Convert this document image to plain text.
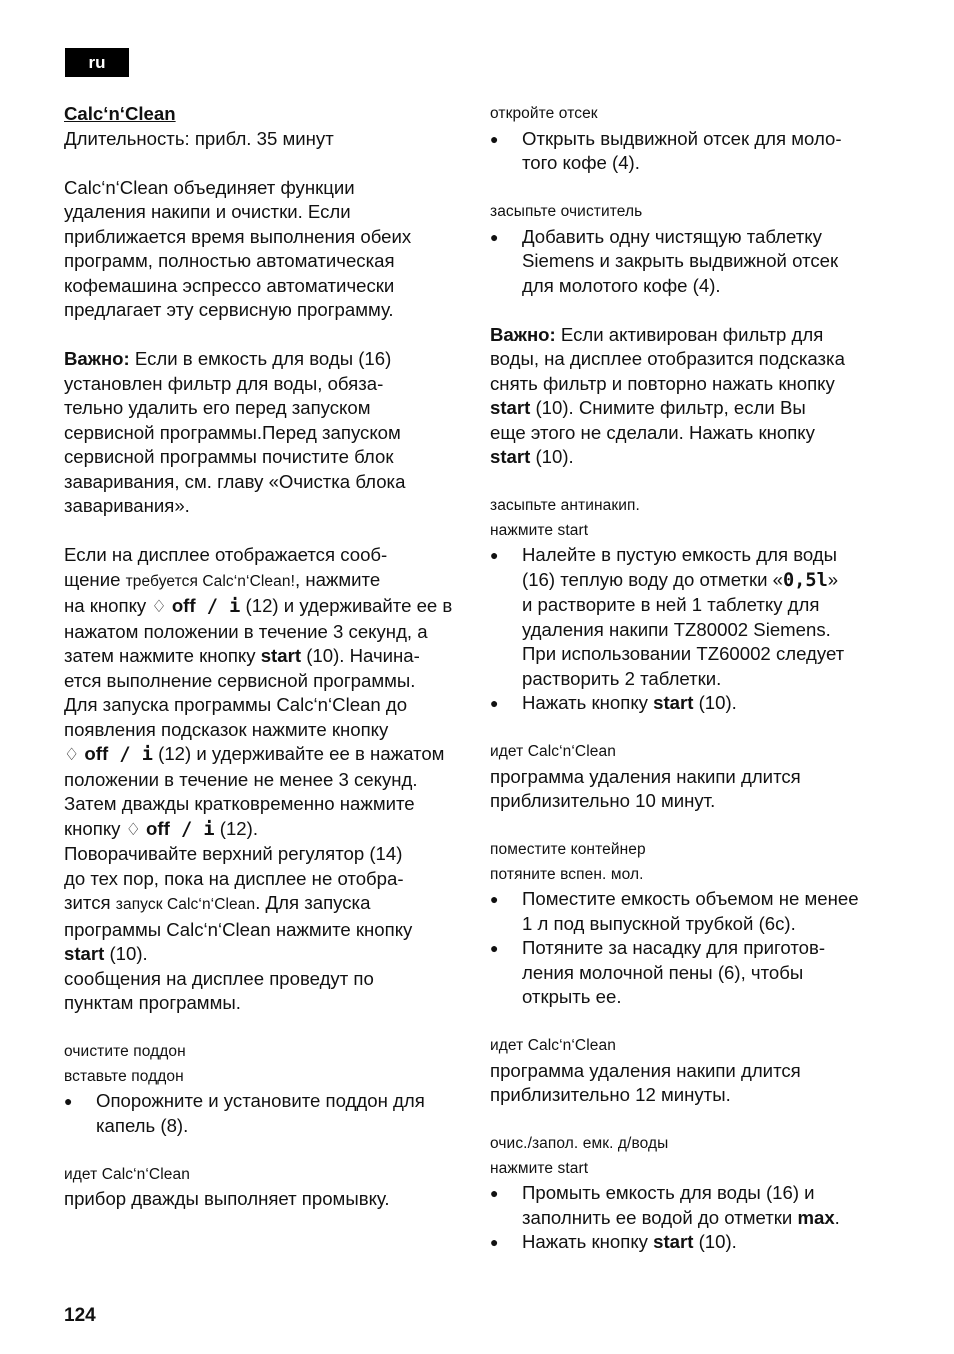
ru

Calc‘n‘Clean

Длительность: прибл. 35 минут

Calc‘n‘Clean объединяет функции

удаления накипи и очистки. Если

приближается время выполнения обеих

программ, полностью автоматическая

кофемашина эспрессо автоматически

предлагает эту сервисную программу.

Важно: Если в емкость для воды (16)

установлен фильтр для воды, обяза-

тельно удалить его перед запуском

сервисной программы.Перед запуском

сервисной программы почистите блок

заваривания, см. главу «Очистка блока

заваривания».

Если на дисплее отображается сооб-

щение требуется Calc‘n‘Clean!, нажмите

на кнопку ♢ off / i (12) и удерживайте ее в

нажатом положении в течение 3 секунд, а

затем нажмите кнопку start (10). Начина-

ется выполнение сервисной программы.

Для запуска программы Calc‘n‘Clean до

появления подсказок нажмите кнопку

♢ off / i (12) и удерживайте ее в нажатом

положении в течение не менее 3 секунд.

Затем дважды кратковременно нажмите

кнопку ♢ off / i (12).

Поворачивайте верхний регулятор (14)

до тех пор, пока на дисплее не отобра-

зится запуск Calc‘n‘Clean. Для запуска

программы Calc‘n‘Clean нажмите кнопку

start (10).

сообщения на дисплее проведут по

пунктам программы.

очистите поддон

вставьте поддон

● Опорожните и установите поддон для

капель (8).

идет Calc‘n‘Clean

прибор дважды выполняет промывку.

откройте отсек

● Открыть выдвижной отсек для моло-

того кофе (4).

засыпьте очиститель

● Добавить одну чистящую таблетку

Siemens и закрыть выдвижной отсек

для молотого кофе (4).

Важно: Если активирован фильтр для

воды, на дисплее отобразится подсказка

снять фильтр и повторно нажать кнопку

start (10). Снимите фильтр, если Вы

еще этого не сделали. Нажать кнопку

start (10).

засыпьте антинакип.

нажмите start

● Налейте в пустую емкость для воды

(16) теплую воду до отметки «0,5l»

и растворите в ней 1 таблетку для

удаления накипи TZ80002 Siemens.

При использовании TZ60002 следует

растворить 2 таблетки.

● Нажать кнопку start (10).

идет Calc‘n‘Clean

программа удаления накипи длится

приблизительно 10 минут.

поместите контейнер

потяните вспен. мол.

● Поместите емкость объемом не менее

1 л под выпускной трубкой (6c).

● Потяните за насадку для приготов-

ления молочной пены (6), чтобы

открыть ее.

идет Calc‘n‘Clean

программа удаления накипи длится

приблизительно 12 минуты.

очис./запол. емк. д/воды

нажмите start

● Промыть емкость для воды (16) и

заполнить ее водой до отметки max.

● Нажать кнопку start (10).

124
